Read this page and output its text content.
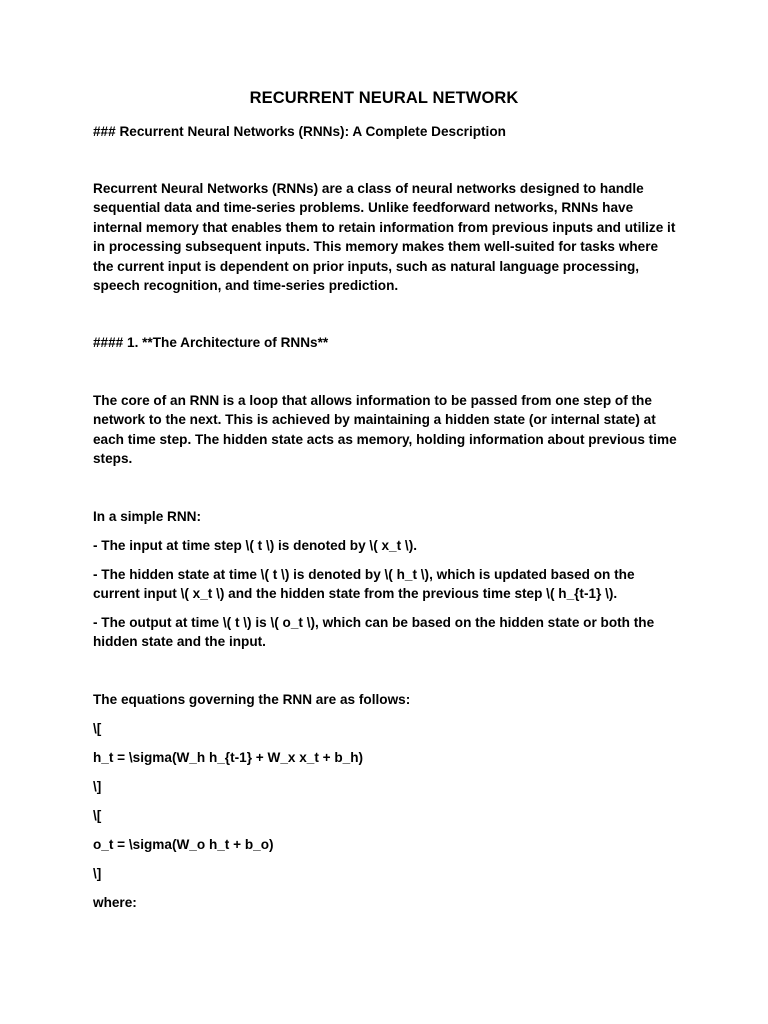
RECURRENT NEURAL NETWORK
### Recurrent Neural Networks (RNNs): A Complete Description
Recurrent Neural Networks (RNNs) are a class of neural networks designed to handle sequential data and time-series problems. Unlike feedforward networks, RNNs have internal memory that enables them to retain information from previous inputs and utilize it in processing subsequent inputs. This memory makes them well-suited for tasks where the current input is dependent on prior inputs, such as natural language processing, speech recognition, and time-series prediction.
#### 1. **The Architecture of RNNs**
The core of an RNN is a loop that allows information to be passed from one step of the network to the next. This is achieved by maintaining a hidden state (or internal state) at each time step. The hidden state acts as memory, holding information about previous time steps.
In a simple RNN:
- The input at time step \( t \) is denoted by \( x_t \).
- The hidden state at time \( t \) is denoted by \( h_t \), which is updated based on the current input \( x_t \) and the hidden state from the previous time step \( h_{t-1} \).
- The output at time \( t \) is \( o_t \), which can be based on the hidden state or both the hidden state and the input.
The equations governing the RNN are as follows:
\[
h_t = \sigma(W_h h_{t-1} + W_x x_t + b_h)
\]
\[
o_t = \sigma(W_o h_t + b_o)
\]
where:
